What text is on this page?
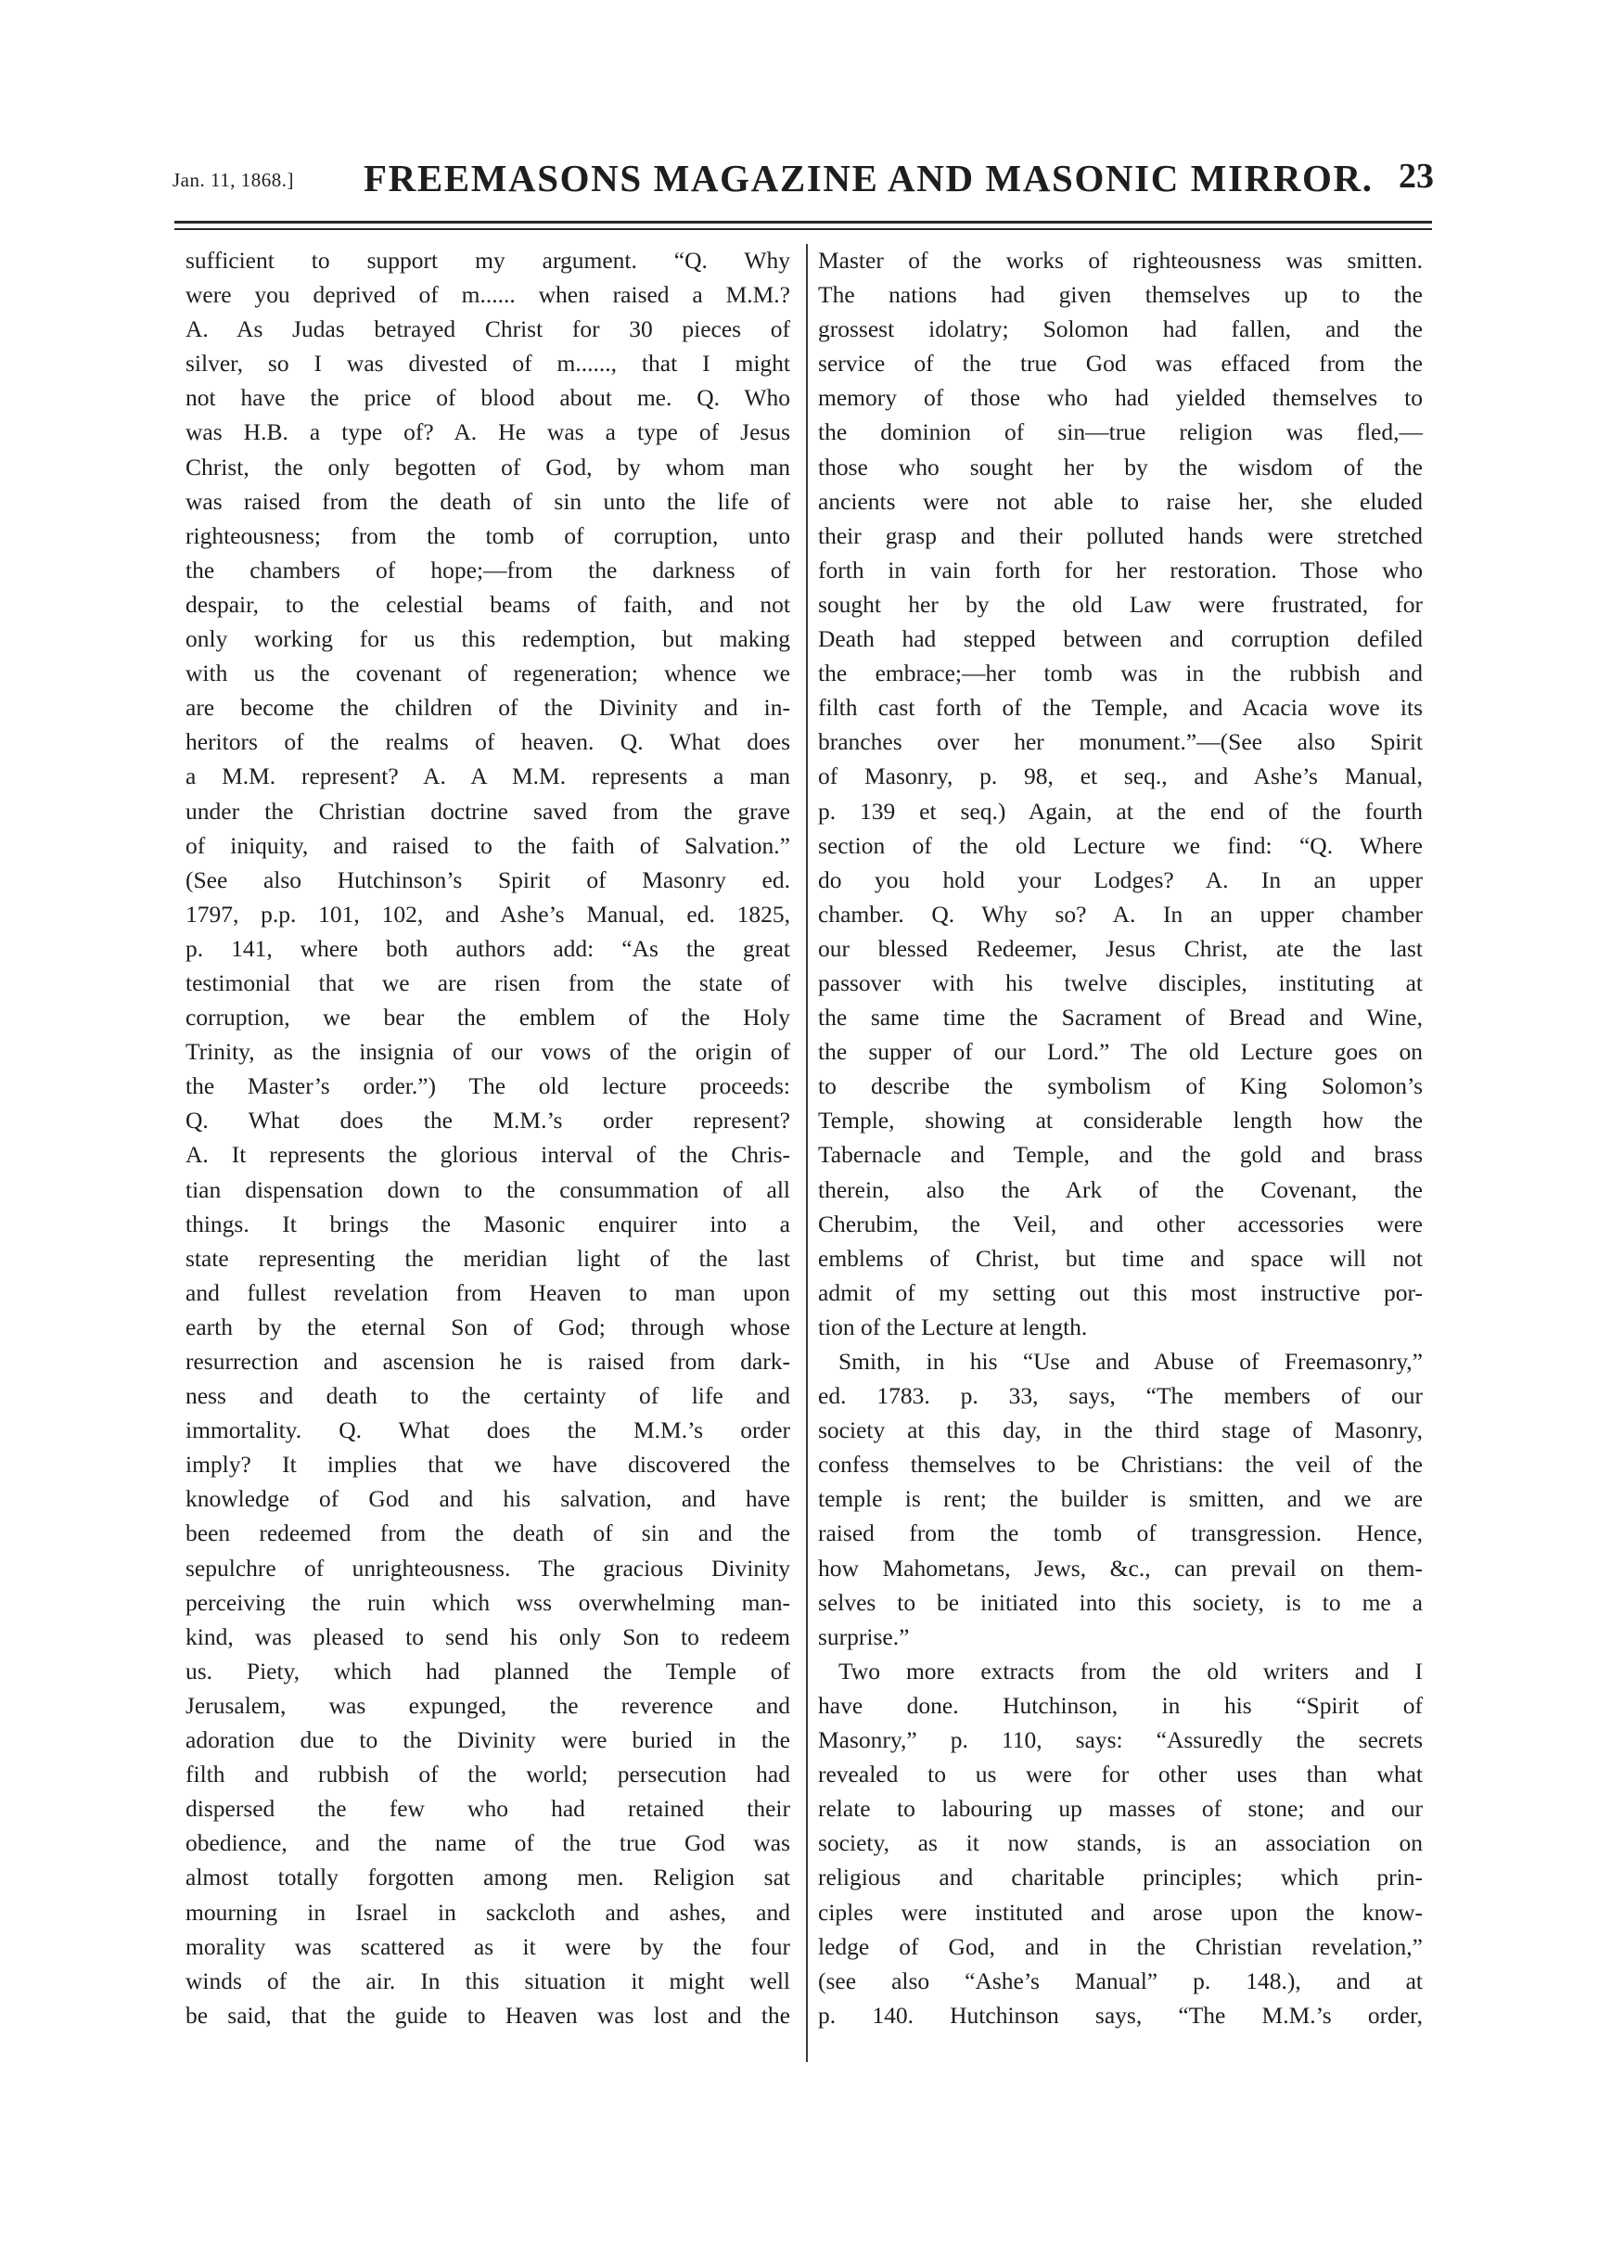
Jan. 11, 1868.] FREEMASONS MAGAZINE AND MASONIC MIRROR. 23
sufficient to support my argument. “Q. Why
were you deprived of m...... when raised a M.M.?
A. As Judas betrayed Christ for 30 pieces of
silver, so I was divested of m......, that I might
not have the price of blood about me. Q. Who
was H.B. a type of? A. He was a type of Jesus
Christ, the only begotten of God, by whom man
was raised from the death of sin unto the life of
righteousness; from the tomb of corruption, unto
the chambers of hope;—from the darkness of
despair, to the celestial beams of faith, and not
only working for us this redemption, but making
with us the covenant of regeneration; whence we
are become the children of the Divinity and in-
heritors of the realms of heaven. Q. What does
a M.M. represent? A. A M.M. represents a man
under the Christian doctrine saved from the grave
of iniquity, and raised to the faith of Salvation.”
(See also Hutchinson’s Spirit of Masonry ed.
1797, p.p. 101, 102, and Ashe’s Manual, ed. 1825,
p. 141, where both authors add: “As the great
testimonial that we are risen from the state of
corruption, we bear the emblem of the Holy
Trinity, as the insignia of our vows of the origin of
the Master’s order.”) The old lecture proceeds:
Q. What does the M.M.’s order represent?
A. It represents the glorious interval of the Chris-
tian dispensation down to the consummation of all
things. It brings the Masonic enquirer into a
state representing the meridian light of the last
and fullest revelation from Heaven to man upon
earth by the eternal Son of God; through whose
resurrection and ascension he is raised from dark-
ness and death to the certainty of life and
immortality. Q. What does the M.M.’s order
imply? It implies that we have discovered the
knowledge of God and his salvation, and have
been redeemed from the death of sin and the
sepulchre of unrighteousness. The gracious Divinity
perceiving the ruin which wss overwhelming man-
kind, was pleased to send his only Son to redeem
us. Piety, which had planned the Temple of
Jerusalem, was expunged, the reverence and
adoration due to the Divinity were buried in the
filth and rubbish of the world; persecution had
dispersed the few who had retained their
obedience, and the name of the true God was
almost totally forgotten among men. Religion sat
mourning in Israel in sackcloth and ashes, and
morality was scattered as it were by the four
winds of the air. In this situation it might well
be said, that the guide to Heaven was lost and the
Master of the works of righteousness was smitten.
The nations had given themselves up to the
grossest idolatry; Solomon had fallen, and the
service of the true God was effaced from the
memory of those who had yielded themselves to
the dominion of sin—true religion was fled,—
those who sought her by the wisdom of the
ancients were not able to raise her, she eluded
their grasp and their polluted hands were stretched
forth in vain forth for her restoration. Those who
sought her by the old Law were frustrated, for
Death had stepped between and corruption defiled
the embrace;—her tomb was in the rubbish and
filth cast forth of the Temple, and Acacia wove its
branches over her monument.”—(See also Spirit
of Masonry, p. 98, et seq., and Ashe’s Manual,
p. 139 et seq.) Again, at the end of the fourth
section of the old Lecture we find: “Q. Where
do you hold your Lodges? A. In an upper
chamber. Q. Why so? A. In an upper chamber
our blessed Redeemer, Jesus Christ, ate the last
passover with his twelve disciples, instituting at
the same time the Sacrament of Bread and Wine,
the supper of our Lord.” The old Lecture goes on
to describe the symbolism of King Solomon’s
Temple, showing at considerable length how the
Tabernacle and Temple, and the gold and brass
therein, also the Ark of the Covenant, the
Cherubim, the Veil, and other accessories were
emblems of Christ, but time and space will not
admit of my setting out this most instructive por-
tion of the Lecture at length.
Smith, in his “Use and Abuse of Freemasonry,”
ed. 1783. p. 33, says, “The members of our
society at this day, in the third stage of Masonry,
confess themselves to be Christians: the veil of the
temple is rent; the builder is smitten, and we are
raised from the tomb of transgression. Hence,
how Mahometans, Jews, &c., can prevail on them-
selves to be initiated into this society, is to me a
surprise.”
Two more extracts from the old writers and I
have done. Hutchinson, in his “Spirit of
Masonry,” p. 110, says: “Assuredly the secrets
revealed to us were for other uses than what
relate to labouring up masses of stone; and our
society, as it now stands, is an association on
religious and charitable principles; which prin-
ciples were instituted and arose upon the know-
ledge of God, and in the Christian revelation,”
(see also “Ashe’s Manual” p. 148.), and at
p. 140. Hutchinson says, “The M.M.’s order,
